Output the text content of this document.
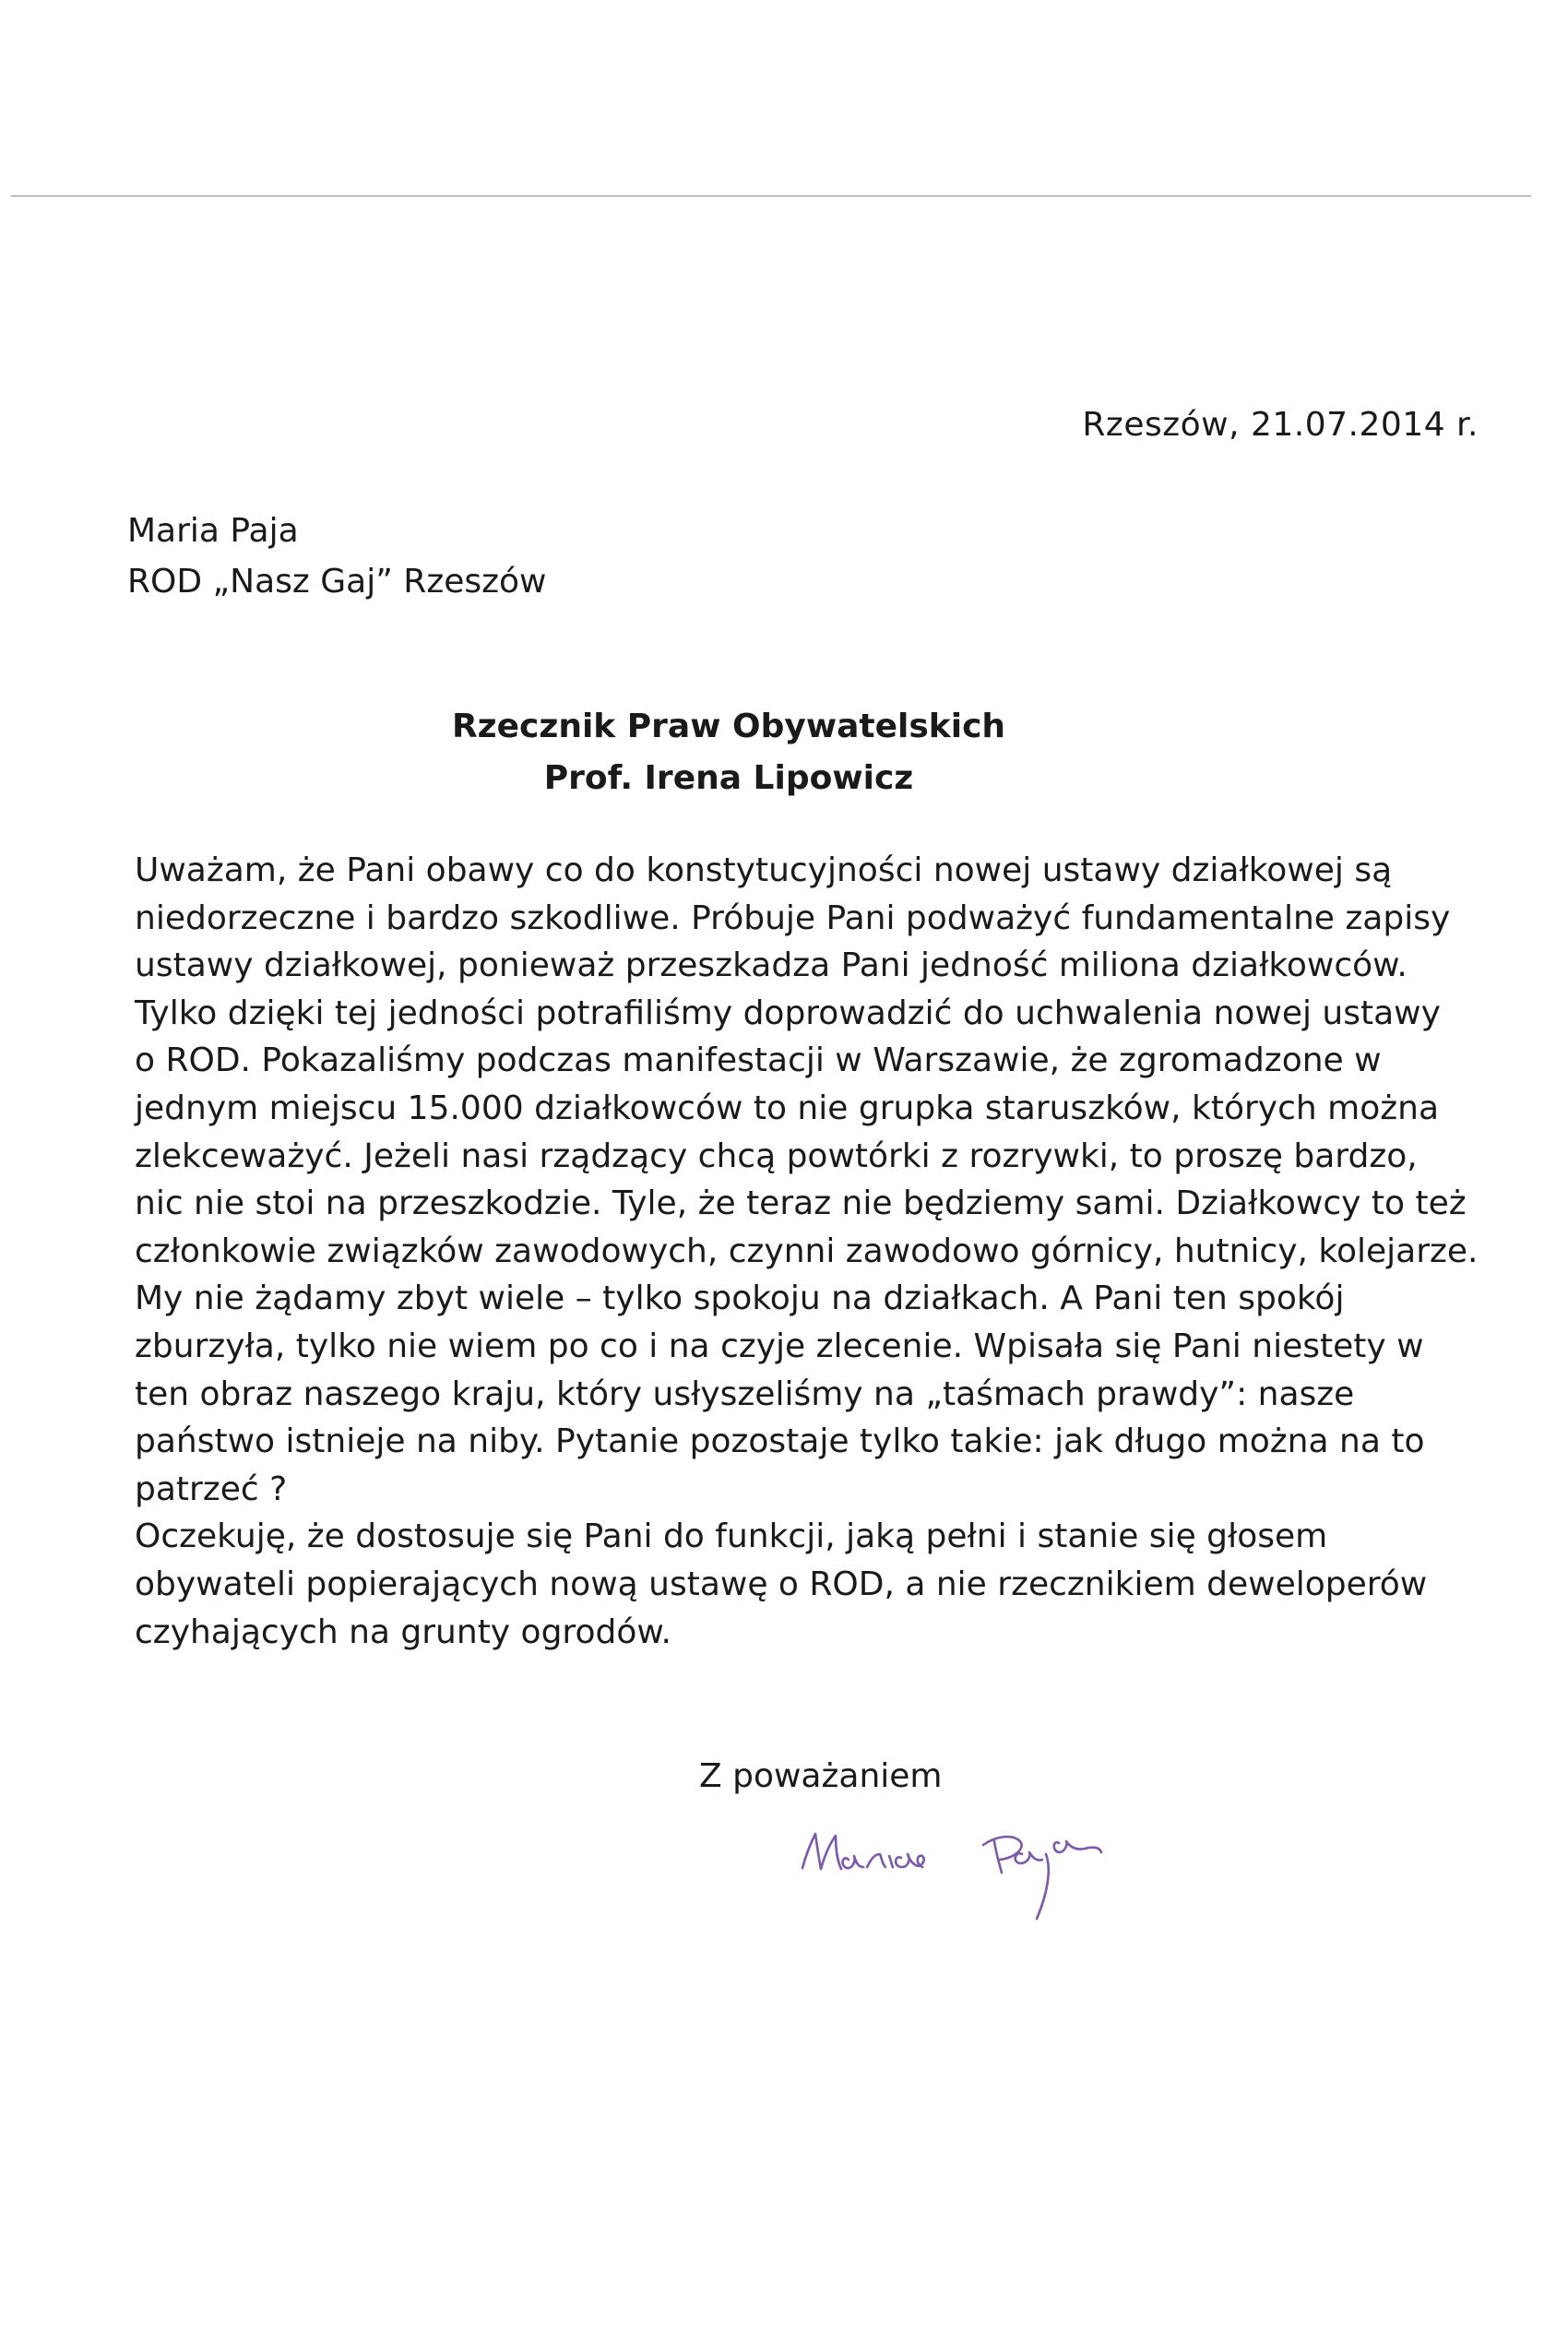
Rzeszów, 21.07.2014 r.
Maria Paja
ROD „Nasz Gaj” Rzeszów
Rzecznik Praw Obywatelskich
Prof. Irena Lipowicz
Uważam, że Pani obawy co do konstytucyjności nowej ustawy działkowej są
niedorzeczne i bardzo szkodliwe. Próbuje Pani podważyć fundamentalne zapisy
ustawy działkowej, ponieważ przeszkadza Pani jedność miliona działkowców.
Tylko dzięki tej jedności potrafiliśmy doprowadzić do uchwalenia nowej ustawy
o ROD. Pokazaliśmy podczas manifestacji w Warszawie, że zgromadzone w
jednym miejscu 15.000 działkowców to nie grupka staruszków, których można
zlekceważyć. Jeżeli nasi rządzący chcą powtórki z rozrywki, to proszę bardzo,
nic nie stoi na przeszkodzie. Tyle, że teraz nie będziemy sami. Działkowcy to też
członkowie związków zawodowych, czynni zawodowo górnicy, hutnicy, kolejarze.
My nie żądamy zbyt wiele – tylko spokoju na działkach. A Pani ten spokój
zburzyła, tylko nie wiem po co i na czyje zlecenie. Wpisała się Pani niestety w
ten obraz naszego kraju, który usłyszeliśmy na „taśmach prawdy”: nasze
państwo istnieje na niby. Pytanie pozostaje tylko takie: jak długo można na to
patrzeć ?
Oczekuję, że dostosuje się Pani do funkcji, jaką pełni i stanie się głosem
obywateli popierających nową ustawę o ROD, a nie rzecznikiem deweloperów
czyhających na grunty ogrodów.
Z poważaniem
